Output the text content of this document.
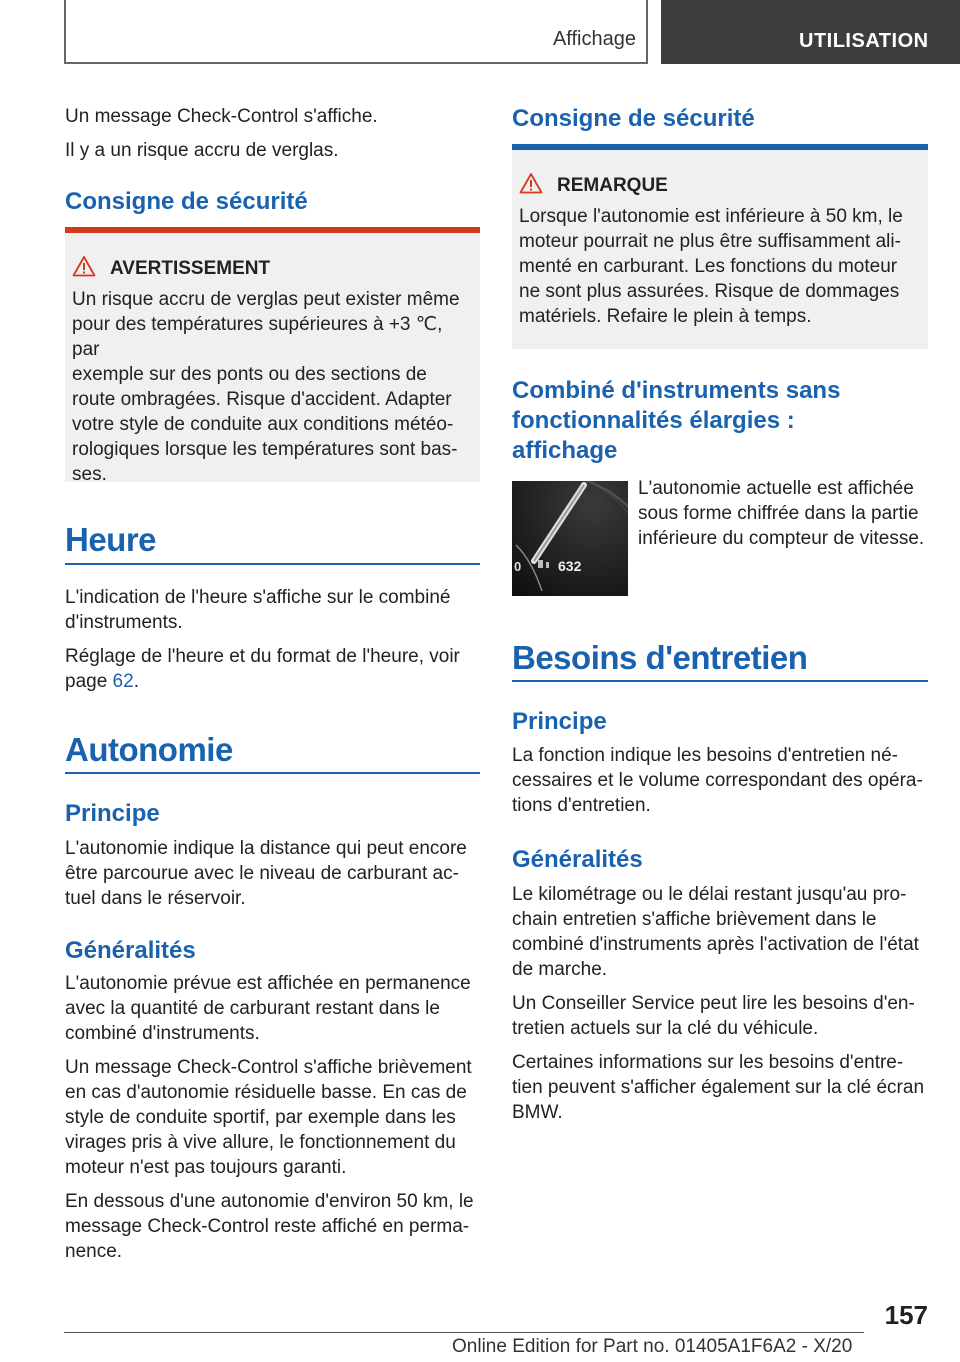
Affichage	UTILISATION

Un message Check-Control s'affiche.

Il y a un risque accru de verglas.

Consigne de sécurité
AVERTISSEMENT

Un risque accru de verglas peut exister même

pour des températures supérieures à +3 ℃, par

exemple sur des ponts ou des sections de

route ombragées. Risque d'accident. Adapter

votre style de conduite aux conditions météo-

rologiques lorsque les températures sont bas-

ses.

Heure

L'indication de l'heure s'affiche sur le combiné

d'instruments.

Réglage de l'heure et du format de l'heure, voir

page 62.

Autonomie
Principe

L'autonomie indique la distance qui peut encore

être parcourue avec le niveau de carburant ac-

tuel dans le réservoir.

Généralités

L'autonomie prévue est affichée en permanence

avec la quantité de carburant restant dans le

combiné d'instruments.

Un message Check-Control s'affiche brièvement

en cas d'autonomie résiduelle basse. En cas de

style de conduite sportif, par exemple dans les

virages pris à vive allure, le fonctionnement du

moteur n'est pas toujours garanti.

En dessous d'une autonomie d'environ 50 km, le

message Check-Control reste affiché en perma-

nence.

Consigne de sécurité
REMARQUE

Lorsque l'autonomie est inférieure à 50 km, le

moteur pourrait ne plus être suffisamment ali-

menté en carburant. Les fonctions du moteur

ne sont plus assurées. Risque de dommages

matériels. Refaire le plein à temps.

Combiné d'instruments sans
fonctionnalités élargies :
affichage

L'autonomie actuelle est affichée

sous forme chiffrée dans la partie

inférieure du compteur de vitesse.

Besoins d'entretien
Principe

La fonction indique les besoins d'entretien né-

cessaires et le volume correspondant des opéra-

tions d'entretien.

Généralités

Le kilométrage ou le délai restant jusqu'au pro-

chain entretien s'affiche brièvement dans le

combiné d'instruments après l'activation de l'état

de marche.

Un Conseiller Service peut lire les besoins d'en-

tretien actuels sur la clé du véhicule.

Certaines informations sur les besoins d'entre-

tien peuvent s'afficher également sur la clé écran

BMW.

0	632
157
Online Edition for Part no. 01405A1F6A2 - X/20
